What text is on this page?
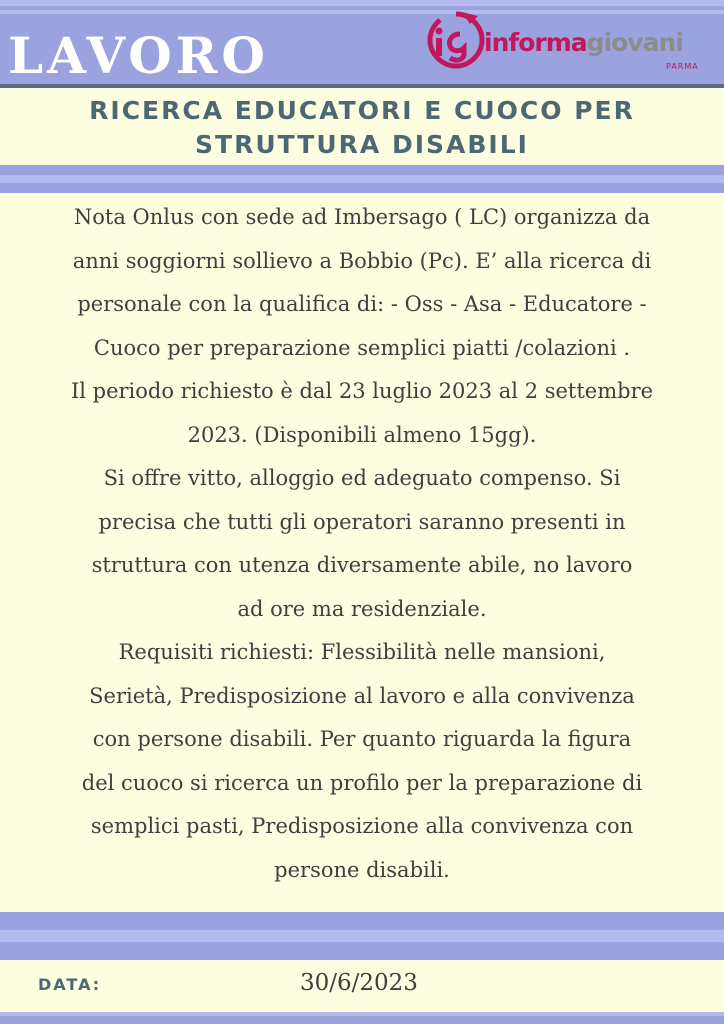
LAVORO	informagiovani
PARMA
RICERCA EDUCATORI E CUOCO PER
STRUTTURA DISABILI

Nota Onlus con sede ad Imbersago ( LC) organizza da
anni soggiorni sollievo a Bobbio (Pc). E’ alla ricerca di
personale con la qualifica di: - Oss - Asa - Educatore -
Cuoco per preparazione semplici piatti /colazioni .
Il periodo richiesto è dal 23 luglio 2023 al 2 settembre
2023. (Disponibili almeno 15gg).
Si offre vitto, alloggio ed adeguato compenso. Si
precisa che tutti gli operatori saranno presenti in
struttura con utenza diversamente abile, no lavoro
ad ore ma residenziale.
Requisiti richiesti: Flessibilità nelle mansioni,
Serietà, Predisposizione al lavoro e alla convivenza
con persone disabili. Per quanto riguarda la figura
del cuoco si ricerca un profilo per la preparazione di
semplici pasti, Predisposizione alla convivenza con
persone disabili.

DATA:	30/6/2023
